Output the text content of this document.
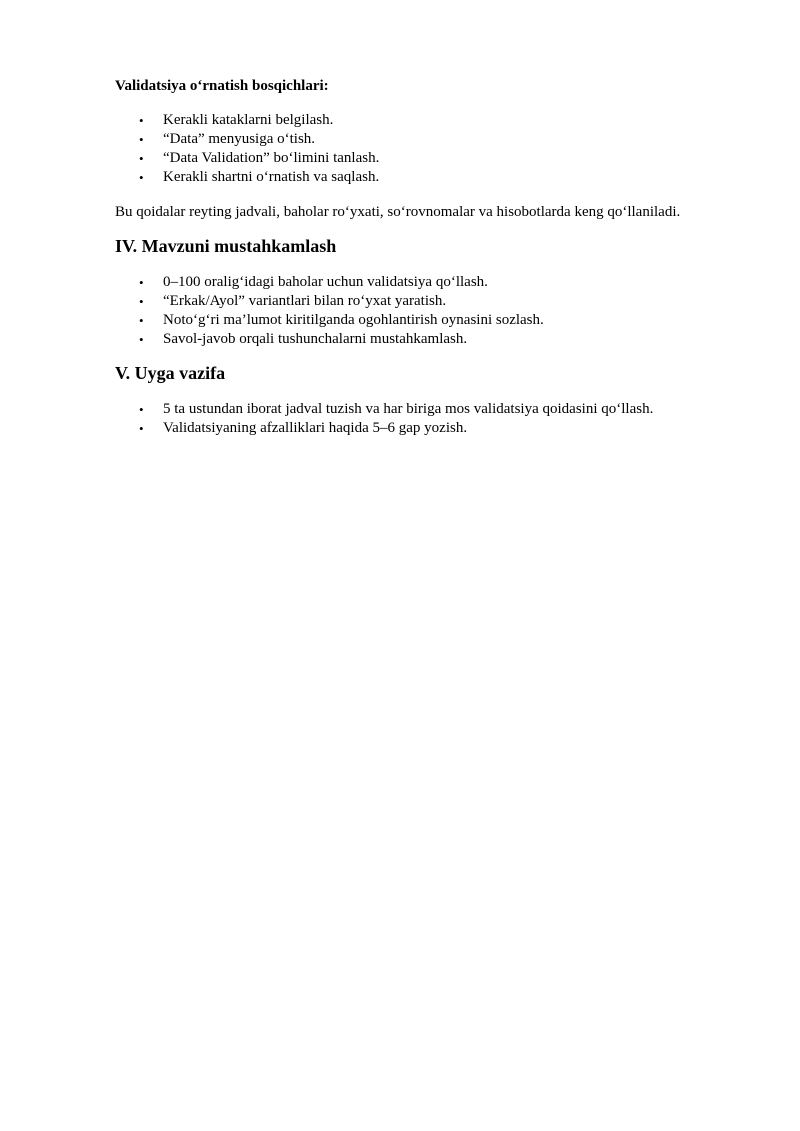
Validatsiya o‘rnatish bosqichlari:

• Kerakli kataklarni belgilash.
• “Data” menyusiga o‘tish.
• “Data Validation” bo‘limini tanlash.
• Kerakli shartni o‘rnatish va saqlash.

Bu qoidalar reyting jadvali, baholar ro‘yxati, so‘rovnomalar va hisobotlarda keng qo‘llaniladi.

IV. Mavzuni mustahkamlash
• 0–100 oralig‘idagi baholar uchun validatsiya qo‘llash.
• “Erkak/Ayol” variantlari bilan ro‘yxat yaratish.
• Noto‘g‘ri ma’lumot kiritilganda ogohlantirish oynasini sozlash.
• Savol-javob orqali tushunchalarni mustahkamlash.
V. Uyga vazifa
• 5 ta ustundan iborat jadval tuzish va har biriga mos validatsiya qoidasini qo‘llash.
• Validatsiyaning afzalliklari haqida 5–6 gap yozish.
